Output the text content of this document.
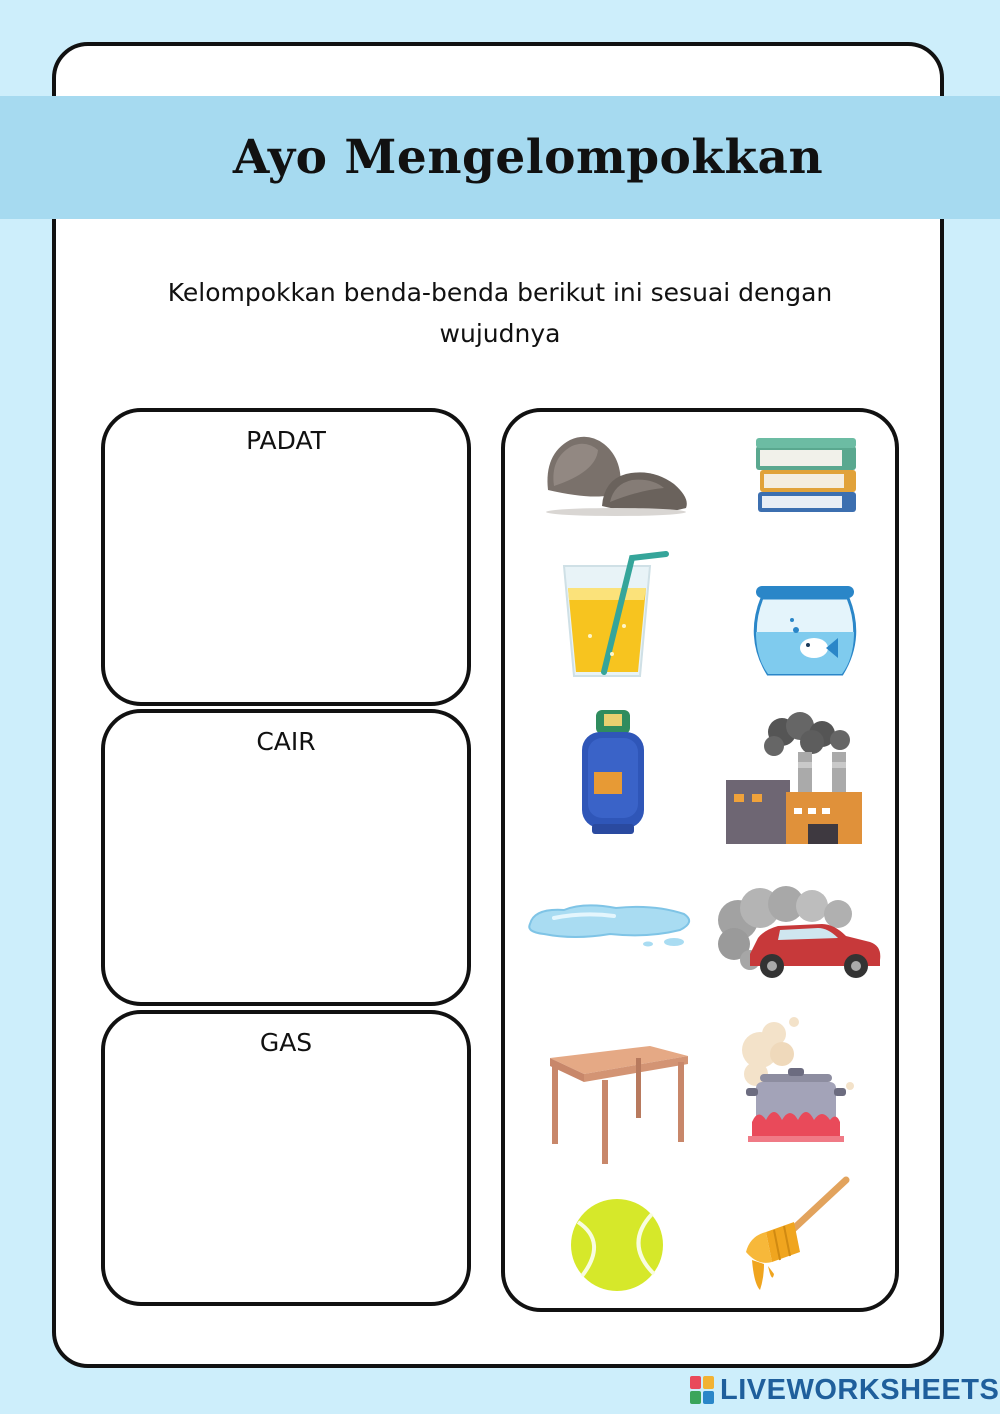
Ayo Mengelompokkan
Kelompokkan benda-benda berikut ini sesuai dengan wujudnya
PADAT
CAIR
GAS
LIVEWORKSHEETS
